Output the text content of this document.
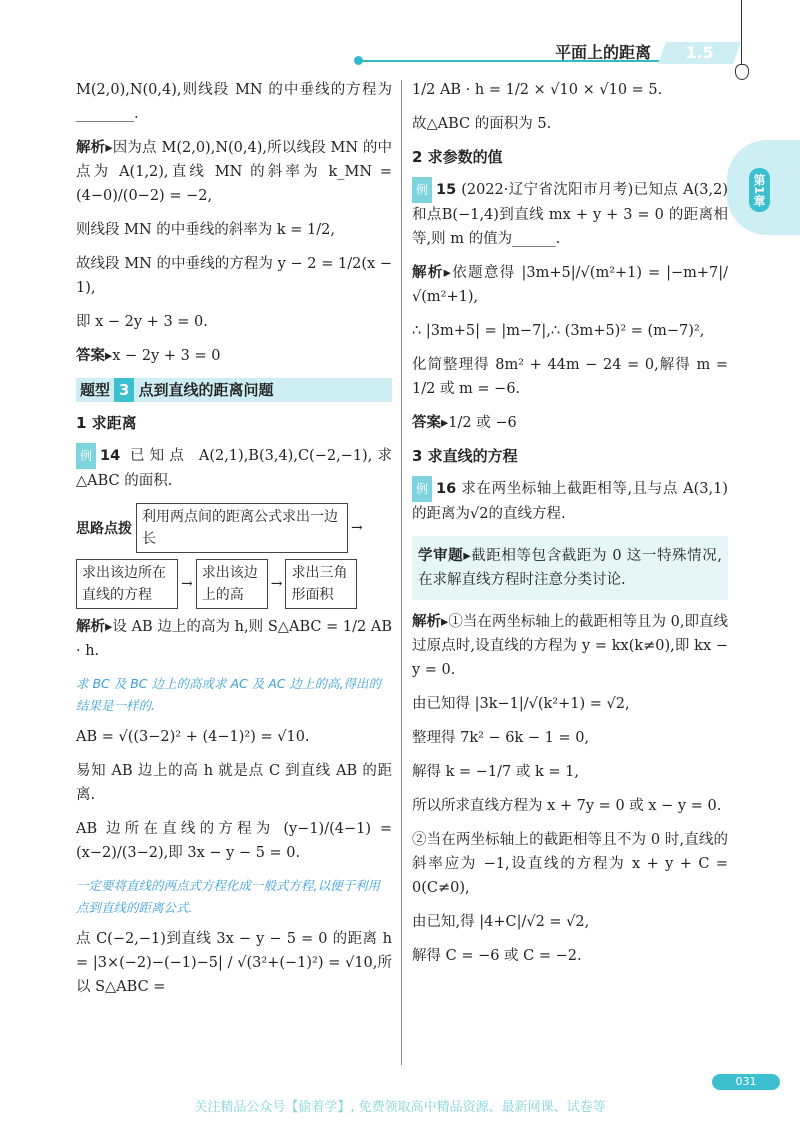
平面上的距离	1.5
第1章

M(2,0),N(0,4),则线段 MN 的中垂线的方程为________.

解析▸因为点 M(2,0),N(0,4),所以线段 MN 的中点为 A(1,2),直线 MN 的斜率为 k_MN = (4−0)/(0−2) = −2,

则线段 MN 的中垂线的斜率为 k = 1/2,

故线段 MN 的中垂线的方程为 y − 2 = 1/2(x − 1),

即 x − 2y + 3 = 0.

答案▸x − 2y + 3 = 0

题型 3 点到直线的距离问题
1 求距离

例 14 已知点 A(2,1),B(3,4),C(−2,−1),求△ABC 的面积.

思路点拨
利用两点间的距离公式求出一边长
→
求出该边所在直线的方程
→
求出该边上的高
→
求出三角形面积

解析▸设 AB 边上的高为 h,则 S△ABC = 1/2 AB · h.

求 BC 及 BC 边上的高或求 AC 及 AC 边上的高,得出的结果是一样的.

AB = √((3−2)² + (4−1)²) = √10.

易知 AB 边上的高 h 就是点 C 到直线 AB 的距离.

AB 边所在直线的方程为 (y−1)/(4−1) = (x−2)/(3−2),即 3x − y − 5 = 0.

一定要将直线的两点式方程化成一般式方程,以便于利用点到直线的距离公式.

点 C(−2,−1)到直线 3x − y − 5 = 0 的距离 h = |3×(−2)−(−1)−5| / √(3²+(−1)²) = √10,所以 S△ABC =

1/2 AB · h = 1/2 × √10 × √10 = 5.

故△ABC 的面积为 5.

2 求参数的值

例 15 (2022·辽宁省沈阳市月考)已知点 A(3,2)和点B(−1,4)到直线 mx + y + 3 = 0 的距离相等,则 m 的值为______.

解析▸依题意得 |3m+5|/√(m²+1) = |−m+7|/√(m²+1),

∴ |3m+5| = |m−7|,∴ (3m+5)² = (m−7)²,

化简整理得 8m² + 44m − 24 = 0,解得 m = 1/2 或 m = −6.

答案▸1/2 或 −6

3 求直线的方程

例 16 求在两坐标轴上截距相等,且与点 A(3,1)的距离为√2的直线方程.

学审题▸截距相等包含截距为 0 这一特殊情况,在求解直线方程时注意分类讨论.

解析▸①当在两坐标轴上的截距相等且为 0,即直线过原点时,设直线的方程为 y = kx(k≠0),即 kx − y = 0.

由已知得 |3k−1|/√(k²+1) = √2,

整理得 7k² − 6k − 1 = 0,

解得 k = −1/7 或 k = 1,

所以所求直线方程为 x + 7y = 0 或 x − y = 0.

②当在两坐标轴上的截距相等且不为 0 时,直线的斜率应为 −1,设直线的方程为 x + y + C = 0(C≠0),

由已知,得 |4+C|/√2 = √2,

解得 C = −6 或 C = −2.

031
关注精品公众号【偷着学】, 免费领取高中精品资源、最新网课、试卷等
